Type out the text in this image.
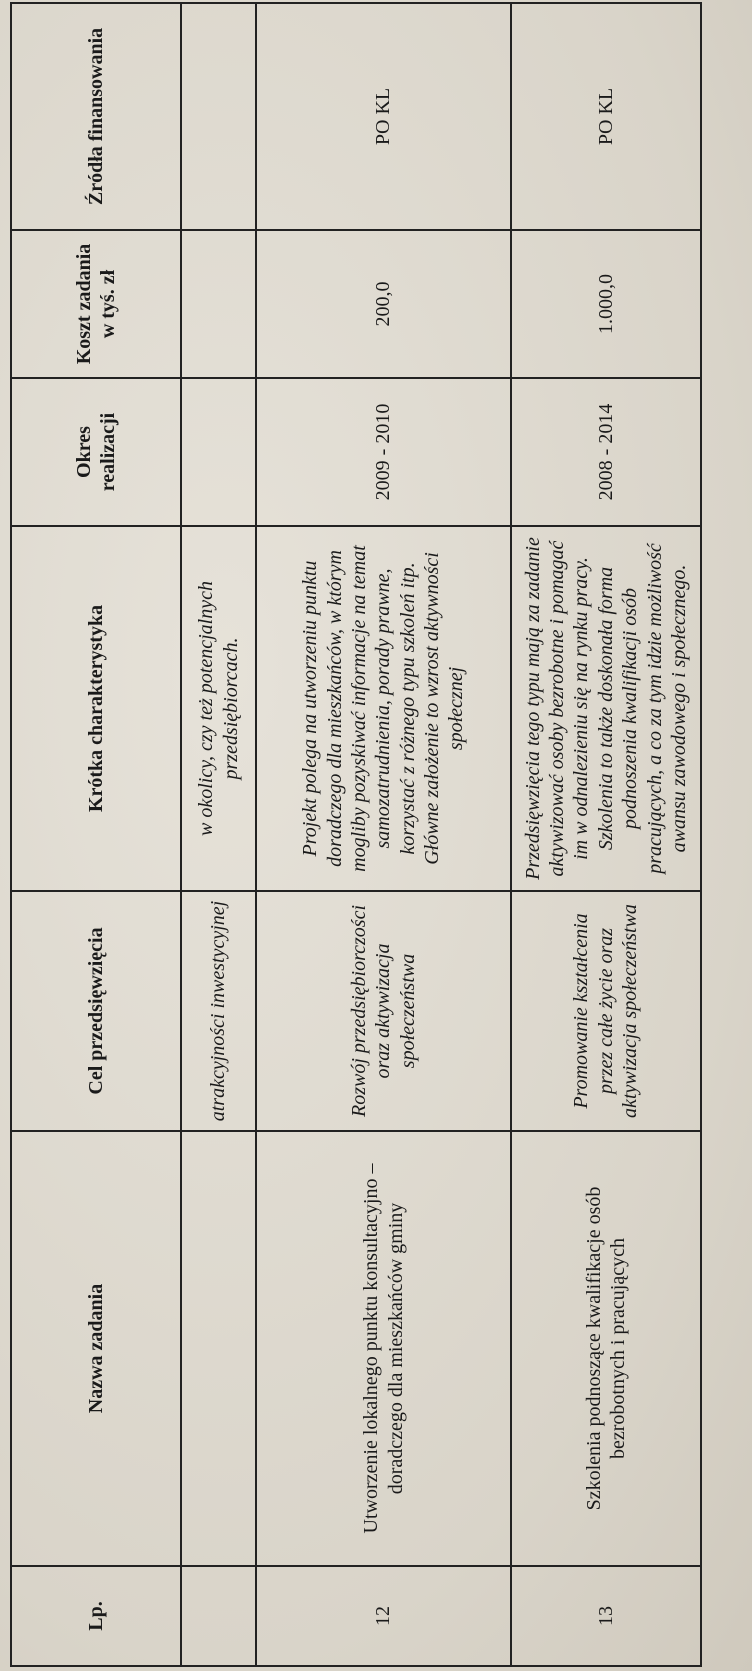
Lp.	Nazwa zadania	Cel przedsięwzięcia	Krótka charakterystyka	Okres realizacji	Koszt zadania w tyś. zł	Źródła finansowania
		atrakcyjności inwestycyjnej	w okolicy, czy też potencjalnych przedsiębiorcach.			
12	Utworzenie lokalnego punktu konsultacyjno – doradczego dla mieszkańców gminy	Rozwój przedsiębiorczości oraz aktywizacja społeczeństwa	Projekt polega na utworzeniu punktu doradczego dla mieszkańców, w którym mogliby pozyskiwać informacje na temat samozatrudnienia, porady prawne, korzystać z różnego typu szkoleń itp. Główne założenie to wzrost aktywności społecznej	2009 - 2010	200,0	PO KL
13	Szkolenia podnoszące kwalifikacje osób bezrobotnych i pracujących	Promowanie kształcenia przez całe życie oraz aktywizacja społeczeństwa	Przedsięwzięcia tego typu mają za zadanie aktywizować osoby bezrobotne i pomagać im w odnalezieniu się na rynku pracy. Szkolenia to także doskonała forma podnoszenia kwalifikacji osób pracujących, a co za tym idzie możliwość awansu zawodowego i społecznego.	2008 - 2014	1.000,0	PO KL
